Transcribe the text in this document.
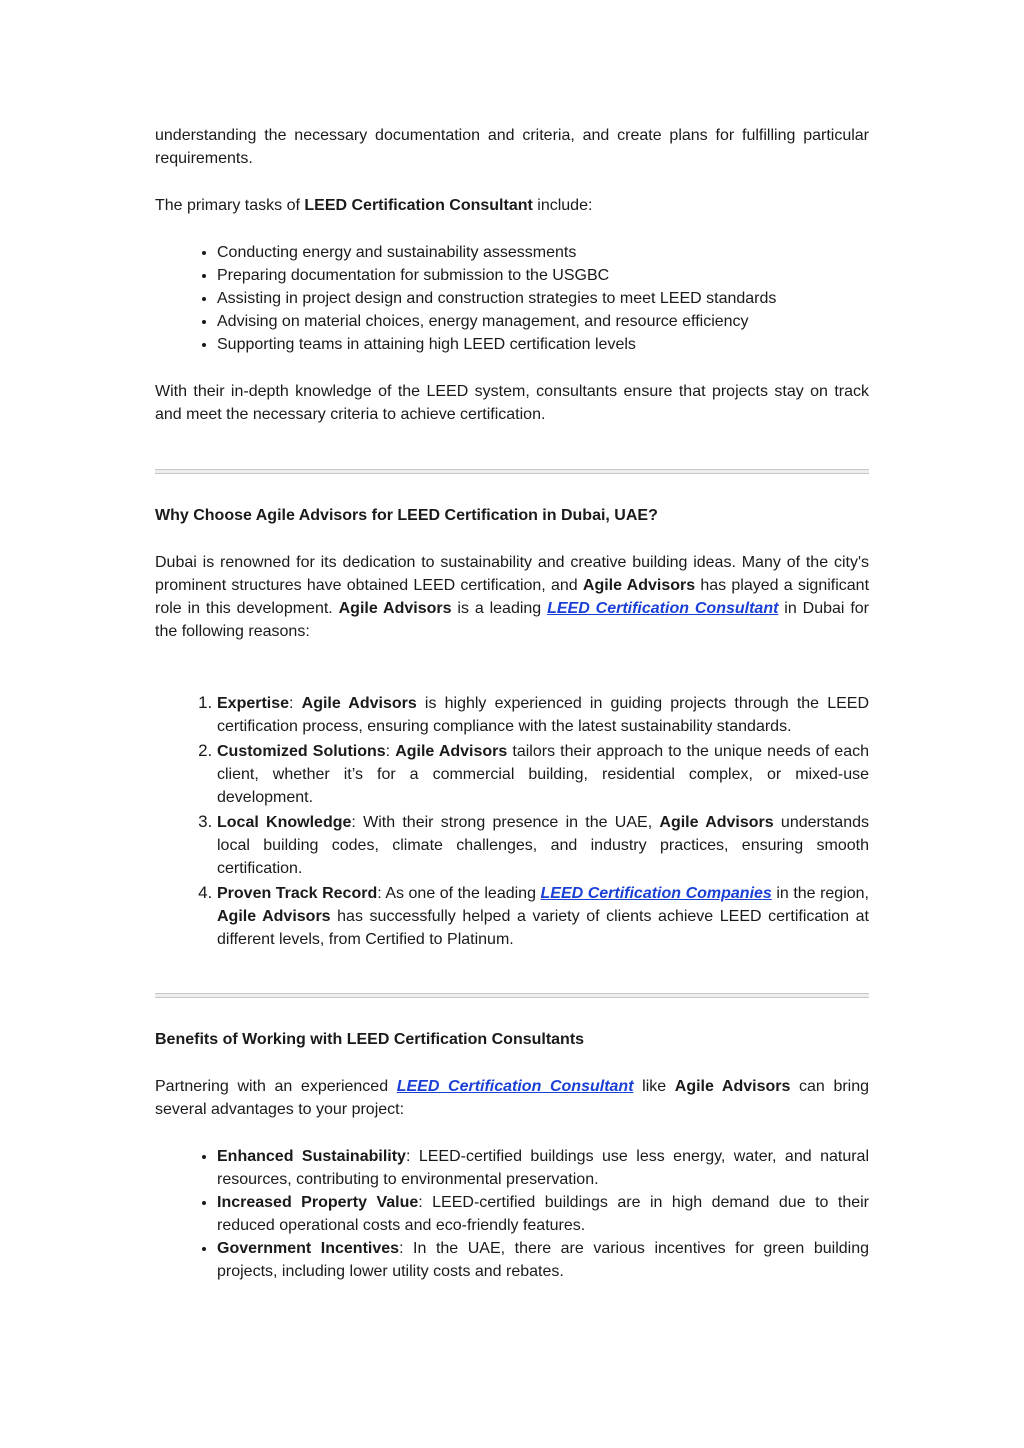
understanding the necessary documentation and criteria, and create plans for fulfilling particular requirements.

The primary tasks of LEED Certification Consultant include:

• Conducting energy and sustainability assessments
• Preparing documentation for submission to the USGBC
• Assisting in project design and construction strategies to meet LEED standards
• Advising on material choices, energy management, and resource efficiency
• Supporting teams in attaining high LEED certification levels

With their in-depth knowledge of the LEED system, consultants ensure that projects stay on track and meet the necessary criteria to achieve certification.

Why Choose Agile Advisors for LEED Certification in Dubai, UAE?

Dubai is renowned for its dedication to sustainability and creative building ideas. Many of the city's prominent structures have obtained LEED certification, and Agile Advisors has played a significant role in this development. Agile Advisors is a leading LEED Certification Consultant in Dubai for the following reasons:

1. Expertise: Agile Advisors is highly experienced in guiding projects through the LEED certification process, ensuring compliance with the latest sustainability standards.
2. Customized Solutions: Agile Advisors tailors their approach to the unique needs of each client, whether it’s for a commercial building, residential complex, or mixed-use development.
3. Local Knowledge: With their strong presence in the UAE, Agile Advisors understands local building codes, climate challenges, and industry practices, ensuring smooth certification.
4. Proven Track Record: As one of the leading LEED Certification Companies in the region, Agile Advisors has successfully helped a variety of clients achieve LEED certification at different levels, from Certified to Platinum.
Benefits of Working with LEED Certification Consultants

Partnering with an experienced LEED Certification Consultant like Agile Advisors can bring several advantages to your project:

• Enhanced Sustainability: LEED-certified buildings use less energy, water, and natural resources, contributing to environmental preservation.
• Increased Property Value: LEED-certified buildings are in high demand due to their reduced operational costs and eco-friendly features.
• Government Incentives: In the UAE, there are various incentives for green building projects, including lower utility costs and rebates.
